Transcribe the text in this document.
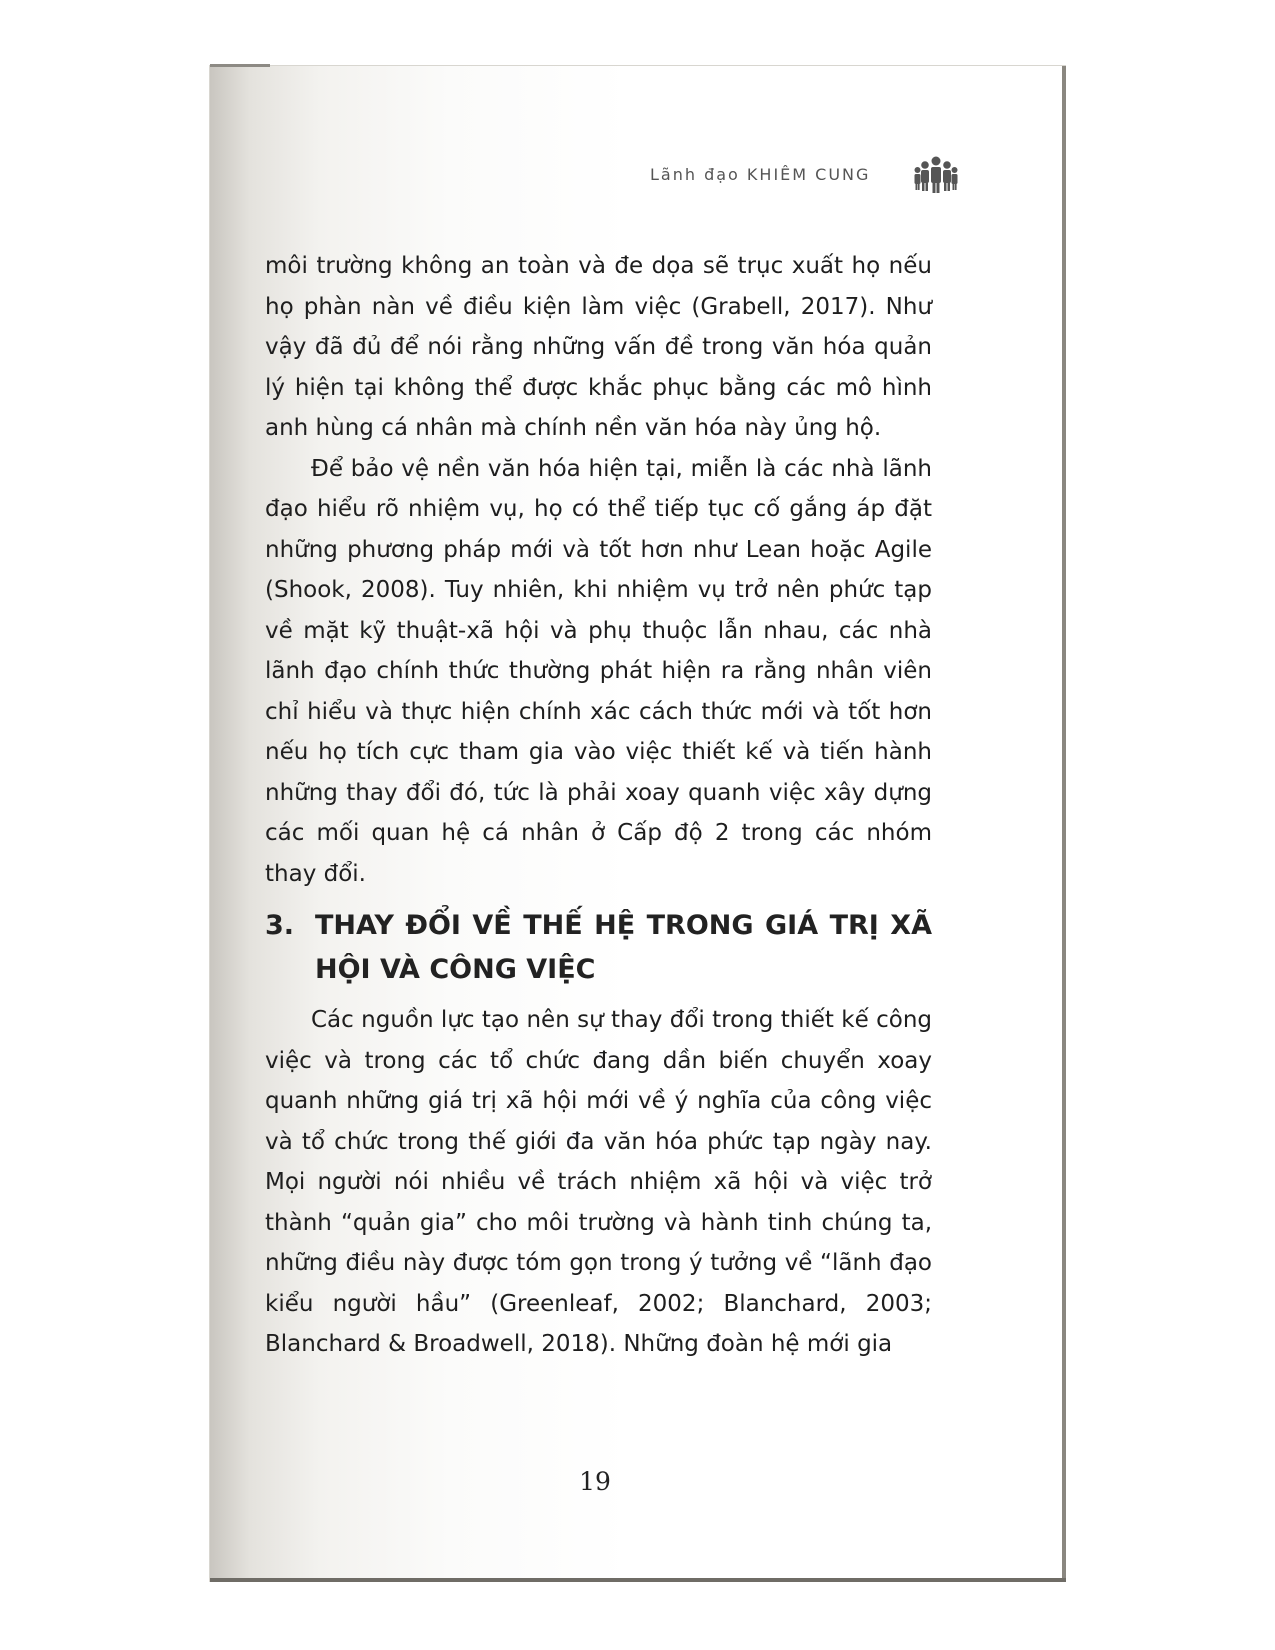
Lãnh đạo KHIÊM CUNG

môi trường không an toàn và đe dọa sẽ trục xuất họ nếu họ phàn nàn về điều kiện làm việc (Grabell, 2017). Như vậy đã đủ để nói rằng những vấn đề trong văn hóa quản lý hiện tại không thể được khắc phục bằng các mô hình anh hùng cá nhân mà chính nền văn hóa này ủng hộ.

Để bảo vệ nền văn hóa hiện tại, miễn là các nhà lãnh đạo hiểu rõ nhiệm vụ, họ có thể tiếp tục cố gắng áp đặt những phương pháp mới và tốt hơn như Lean hoặc Agile (Shook, 2008). Tuy nhiên, khi nhiệm vụ trở nên phức tạp về mặt kỹ thuật-xã hội và phụ thuộc lẫn nhau, các nhà lãnh đạo chính thức thường phát hiện ra rằng nhân viên chỉ hiểu và thực hiện chính xác cách thức mới và tốt hơn nếu họ tích cực tham gia vào việc thiết kế và tiến hành những thay đổi đó, tức là phải xoay quanh việc xây dựng các mối quan hệ cá nhân ở Cấp độ 2 trong các nhóm thay đổi.

3. THAY ĐỔI VỀ THẾ HỆ TRONG GIÁ TRỊ XÃ HỘI VÀ CÔNG VIỆC

Các nguồn lực tạo nên sự thay đổi trong thiết kế công việc và trong các tổ chức đang dần biến chuyển xoay quanh những giá trị xã hội mới về ý nghĩa của công việc và tổ chức trong thế giới đa văn hóa phức tạp ngày nay. Mọi người nói nhiều về trách nhiệm xã hội và việc trở thành “quản gia” cho môi trường và hành tinh chúng ta, những điều này được tóm gọn trong ý tưởng về “lãnh đạo kiểu người hầu” (Greenleaf, 2002; Blanchard, 2003; Blanchard & Broadwell, 2018). Những đoàn hệ mới gia

19
